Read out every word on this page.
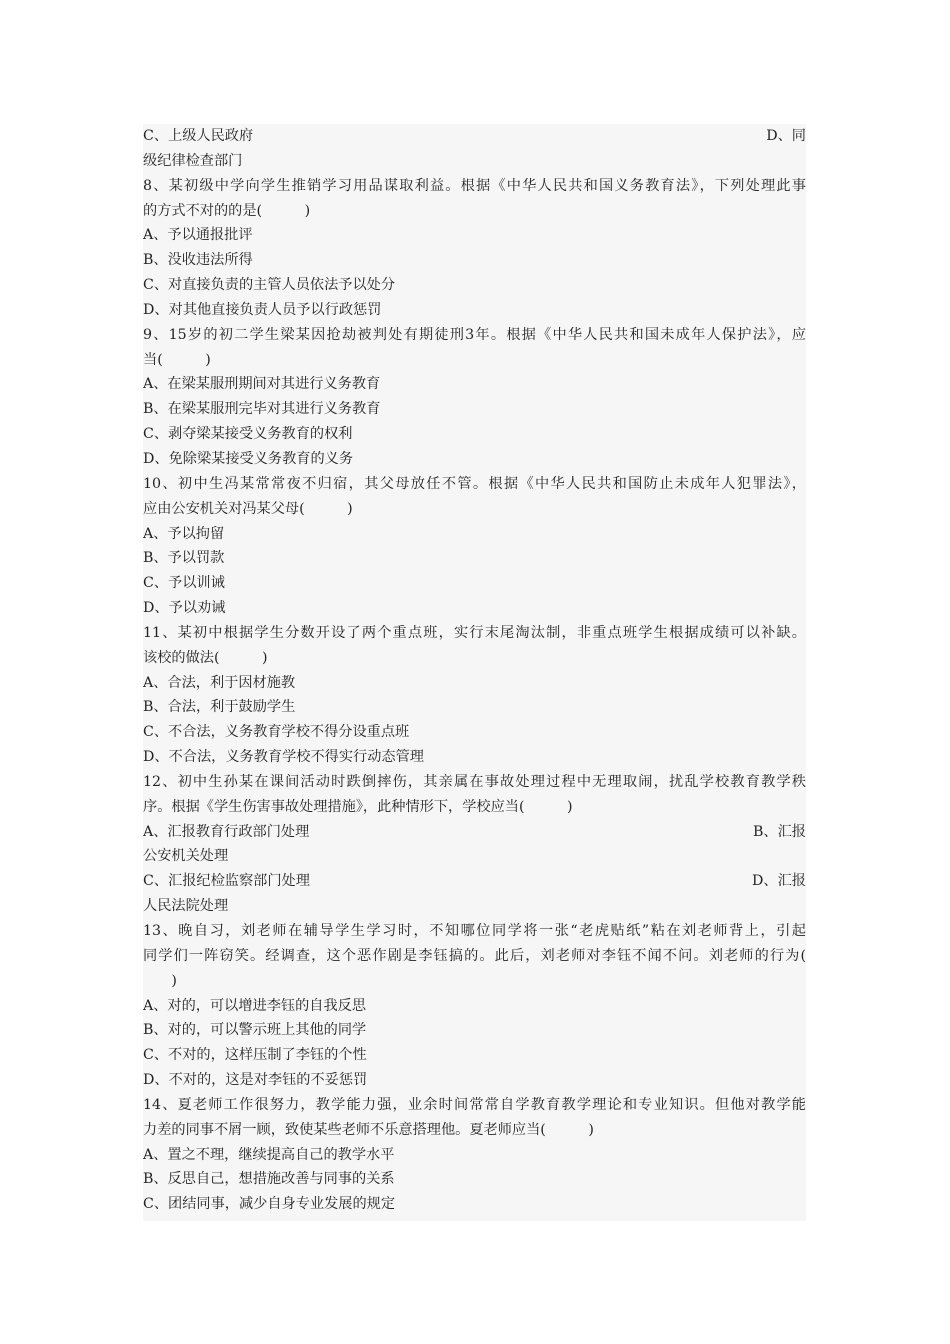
C、上级人民政府	D、同
级纪律检查部门
8、某初级中学向学生推销学习用品谋取利益。根据《中华人民共和国义务教育法》，下列处理此事
的方式不对的的是(　　　)
A、予以通报批评
B、没收违法所得
C、对直接负责的主管人员依法予以处分
D、对其他直接负责人员予以行政惩罚
9、15岁的初二学生梁某因抢劫被判处有期徒刑3年。根据《中华人民共和国未成年人保护法》，应
当(　　　)
A、在梁某服刑期间对其进行义务教育
B、在梁某服刑完毕对其进行义务教育
C、剥夺梁某接受义务教育的权利
D、免除梁某接受义务教育的义务
10、初中生冯某常常夜不归宿，其父母放任不管。根据《中华人民共和国防止未成年人犯罪法》，
应由公安机关对冯某父母(　　　)
A、予以拘留
B、予以罚款
C、予以训诫
D、予以劝诫
11、某初中根据学生分数开设了两个重点班，实行末尾淘汰制，非重点班学生根据成绩可以补缺。
该校的做法(　　　)
A、合法，利于因材施教
B、合法，利于鼓励学生
C、不合法，义务教育学校不得分设重点班
D、不合法，义务教育学校不得实行动态管理
12、初中生孙某在课间活动时跌倒摔伤，其亲属在事故处理过程中无理取闹，扰乱学校教育教学秩
序。根据《学生伤害事故处理措施》，此种情形下，学校应当(　　　)
A、汇报教育行政部门处理	B、汇报
公安机关处理
C、汇报纪检监察部门处理	D、汇报
人民法院处理
13、晚自习，刘老师在辅导学生学习时，不知哪位同学将一张“老虎贴纸”粘在刘老师背上，引起
同学们一阵窃笑。经调查，这个恶作剧是李钰搞的。此后，刘老师对李钰不闻不问。刘老师的行为(
　　)
A、对的，可以增进李钰的自我反思
B、对的，可以警示班上其他的同学
C、不对的，这样压制了李钰的个性
D、不对的，这是对李钰的不妥惩罚
14、夏老师工作很努力，教学能力强，业余时间常常自学教育教学理论和专业知识。但他对教学能
力差的同事不屑一顾，致使某些老师不乐意搭理他。夏老师应当(　　　)
A、置之不理，继续提高自己的教学水平
B、反思自己，想措施改善与同事的关系
C、团结同事，减少自身专业发展的规定
